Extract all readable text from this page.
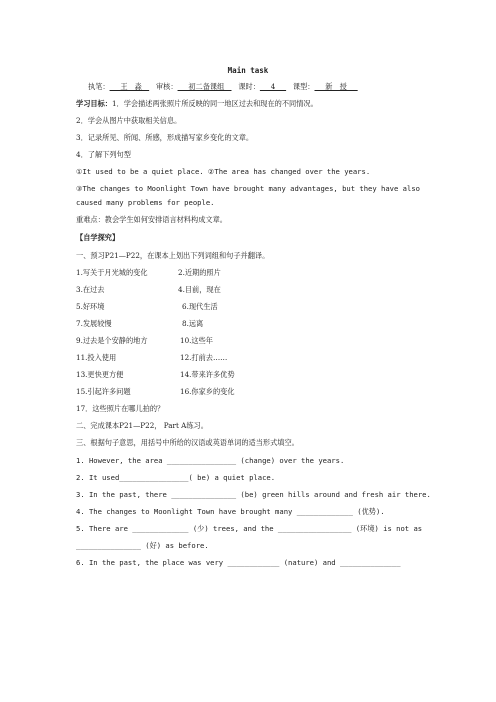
Main task
执笔：___王　淼__ 审核：___初二备课组__ 课时：___4___ 课型：___新　授___
学习目标：1．学会描述两张照片所反映的同一地区过去和现在的不同情况。
2．学会从图片中获取相关信息。
3．记录所见、所闻、所感，形成描写家乡变化的文章。
4．了解下列句型
①It used to be a quiet place. ②The area has changed over the years.
③The changes to Moonlight Town have brought many advantages, but they have also
caused many problems for people.
重难点：教会学生如何安排语言材料构成文章。
【自学探究】
一、预习P21—P22，在课本上划出下列词组和句子并翻译。
1.写关于月光城的变化	2.近期的照片
3.在过去	4.目前，现在
5.好环境	6.现代生活
7.发展较慢	8.远离
9.过去是个安静的地方	10.这些年
11.投入使用	12.打前去……
13.更快更方便	14.带来许多优势
15.引起许多问题	16.你家乡的变化
17．这些照片在哪儿拍的？
二、完成课本P21—P22， Part A练习。
三、根据句子意思，用括号中所给的汉语或英语单词的适当形式填空。
1. However, the area ________________ (change) over the years.
2. It used________________( be) a quiet place.
3. In the past, there _______________ (be) green hills around and fresh air there.
4. The changes to Moonlight Town have brought many _____________ (优势).
5. There are _____________ (少) trees, and the _________________ (环境) is not as
_______________ (好) as before.
6. In the past, the place was very ____________ (nature) and ______________
